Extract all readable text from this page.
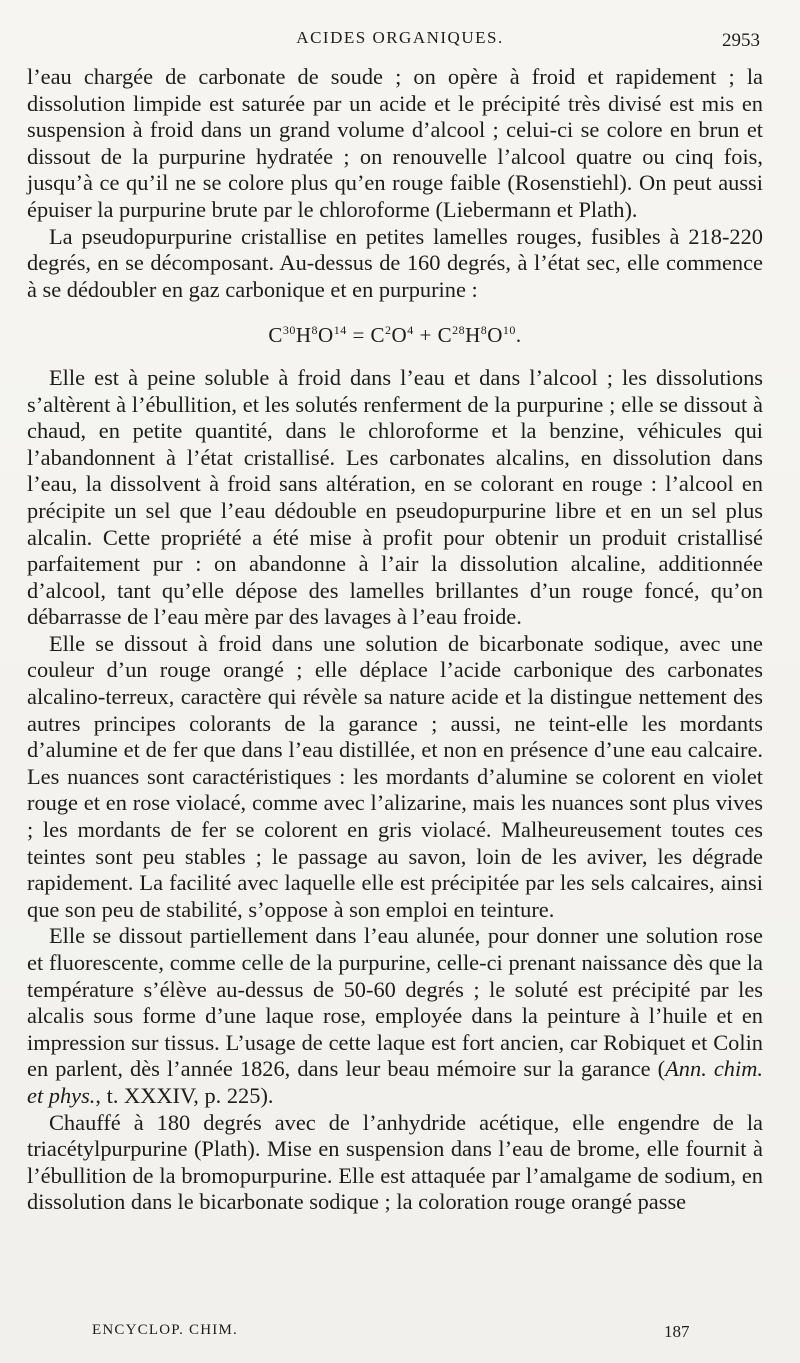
ACIDES ORGANIQUES.	2953

l’eau chargée de carbonate de soude ; on opère à froid et rapidement ; la dissolution limpide est saturée par un acide et le précipité très divisé est mis en suspension à froid dans un grand volume d’alcool ; celui-ci se colore en brun et dissout de la purpurine hydratée ; on renouvelle l’alcool quatre ou cinq fois, jusqu’à ce qu’il ne se colore plus qu’en rouge faible (Rosenstiehl). On peut aussi épuiser la purpurine brute par le chloroforme (Liebermann et Plath).

La pseudopurpurine cristallise en petites lamelles rouges, fusibles à 218-220 degrés, en se décomposant. Au-dessus de 160 degrés, à l’état sec, elle commence à se dédoubler en gaz carbonique et en purpurine :

$C^{30}H^8O^{14} = C^2O^4 + C^{28}H^8O^{10}$.

Elle est à peine soluble à froid dans l’eau et dans l’alcool ; les dissolutions s’altèrent à l’ébullition, et les solutés renferment de la purpurine ; elle se dissout à chaud, en petite quantité, dans le chloroforme et la benzine, véhicules qui l’abandonnent à l’état cristallisé. Les carbonates alcalins, en dissolution dans l’eau, la dissolvent à froid sans altération, en se colorant en rouge : l’alcool en précipite un sel que l’eau dédouble en pseudopurpurine libre et en un sel plus alcalin. Cette propriété a été mise à profit pour obtenir un produit cristallisé parfaitement pur : on abandonne à l’air la dissolution alcaline, additionnée d’alcool, tant qu’elle dépose des lamelles brillantes d’un rouge foncé, qu’on débarrasse de l’eau mère par des lavages à l’eau froide.

Elle se dissout à froid dans une solution de bicarbonate sodique, avec une couleur d’un rouge orangé ; elle déplace l’acide carbonique des carbonates alcalino-terreux, caractère qui révèle sa nature acide et la distingue nettement des autres principes colorants de la garance ; aussi, ne teint-elle les mordants d’alumine et de fer que dans l’eau distillée, et non en présence d’une eau calcaire. Les nuances sont caractéristiques : les mordants d’alumine se colorent en violet rouge et en rose violacé, comme avec l’alizarine, mais les nuances sont plus vives ; les mordants de fer se colorent en gris violacé. Malheureusement toutes ces teintes sont peu stables ; le passage au savon, loin de les aviver, les dégrade rapidement. La facilité avec laquelle elle est précipitée par les sels calcaires, ainsi que son peu de stabilité, s’oppose à son emploi en teinture.

Elle se dissout partiellement dans l’eau alunée, pour donner une solution rose et fluorescente, comme celle de la purpurine, celle-ci prenant naissance dès que la température s’élève au-dessus de 50-60 degrés ; le soluté est précipité par les alcalis sous forme d’une laque rose, employée dans la peinture à l’huile et en impression sur tissus. L’usage de cette laque est fort ancien, car Robiquet et Colin en parlent, dès l’année 1826, dans leur beau mémoire sur la garance (Ann. chim. et phys., t. XXXIV, p. 225).

Chauffé à 180 degrés avec de l’anhydride acétique, elle engendre de la triacétylpurpurine (Plath). Mise en suspension dans l’eau de brome, elle fournit à l’ébullition de la bromopurpurine. Elle est attaquée par l’amalgame de sodium, en dissolution dans le bicarbonate sodique ; la coloration rouge orangé passe

ENCYCLOP. CHIM.	187
